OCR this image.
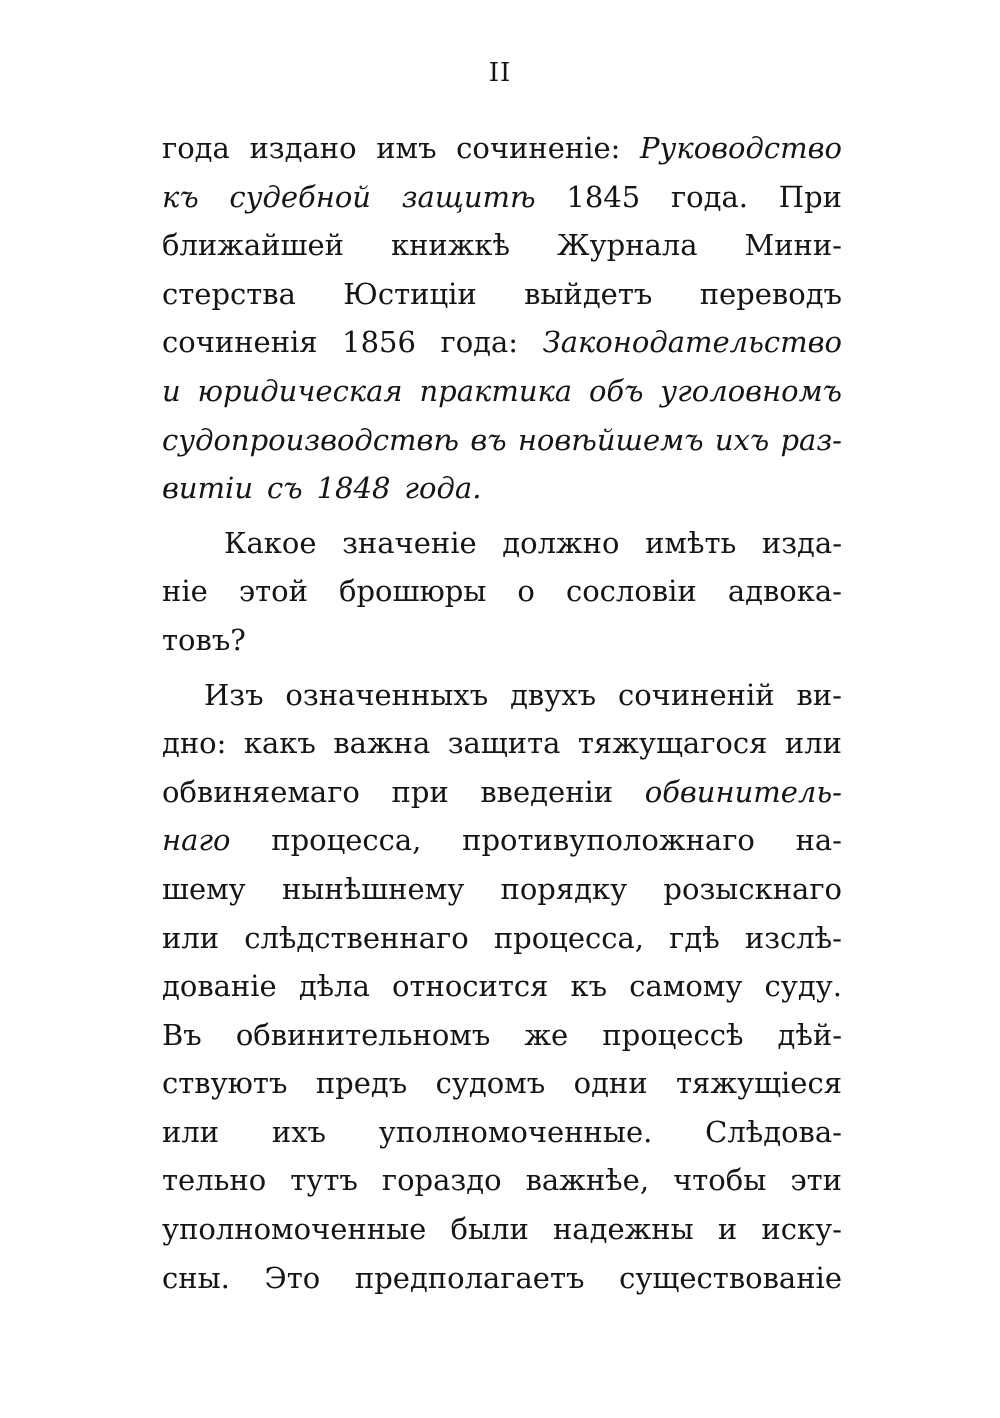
II
года издано имъ сочиненіе: Руководство
къ судебной защитѣ 1845 года. При
ближайшей книжкѣ Журнала Мини-
стерства Юстиціи выйдетъ переводъ
сочиненія 1856 года: Законодательство
и юридическая практика объ уголовномъ
судопроизводствѣ въ новѣйшемъ ихъ раз-
витіи съ 1848 года.
Какое значеніе должно имѣть изда-
ніе этой брошюры о сословіи адвока-
товъ?
Изъ означенныхъ двухъ сочиненій ви-
дно: какъ важна защита тяжущагося или
обвиняемаго при введеніи обвинитель-
наго процесса, противуположнаго на-
шему нынѣшнему порядку розыскнаго
или слѣдственнаго процесса, гдѣ изслѣ-
дованіе дѣла относится къ самому суду.
Въ обвинительномъ же процессѣ дѣй-
ствуютъ предъ судомъ одни тяжущіеся
или ихъ уполномоченные. Слѣдова-
тельно тутъ гораздо важнѣе, чтобы эти
уполномоченные были надежны и иску-
сны. Это предполагаетъ существованіе
